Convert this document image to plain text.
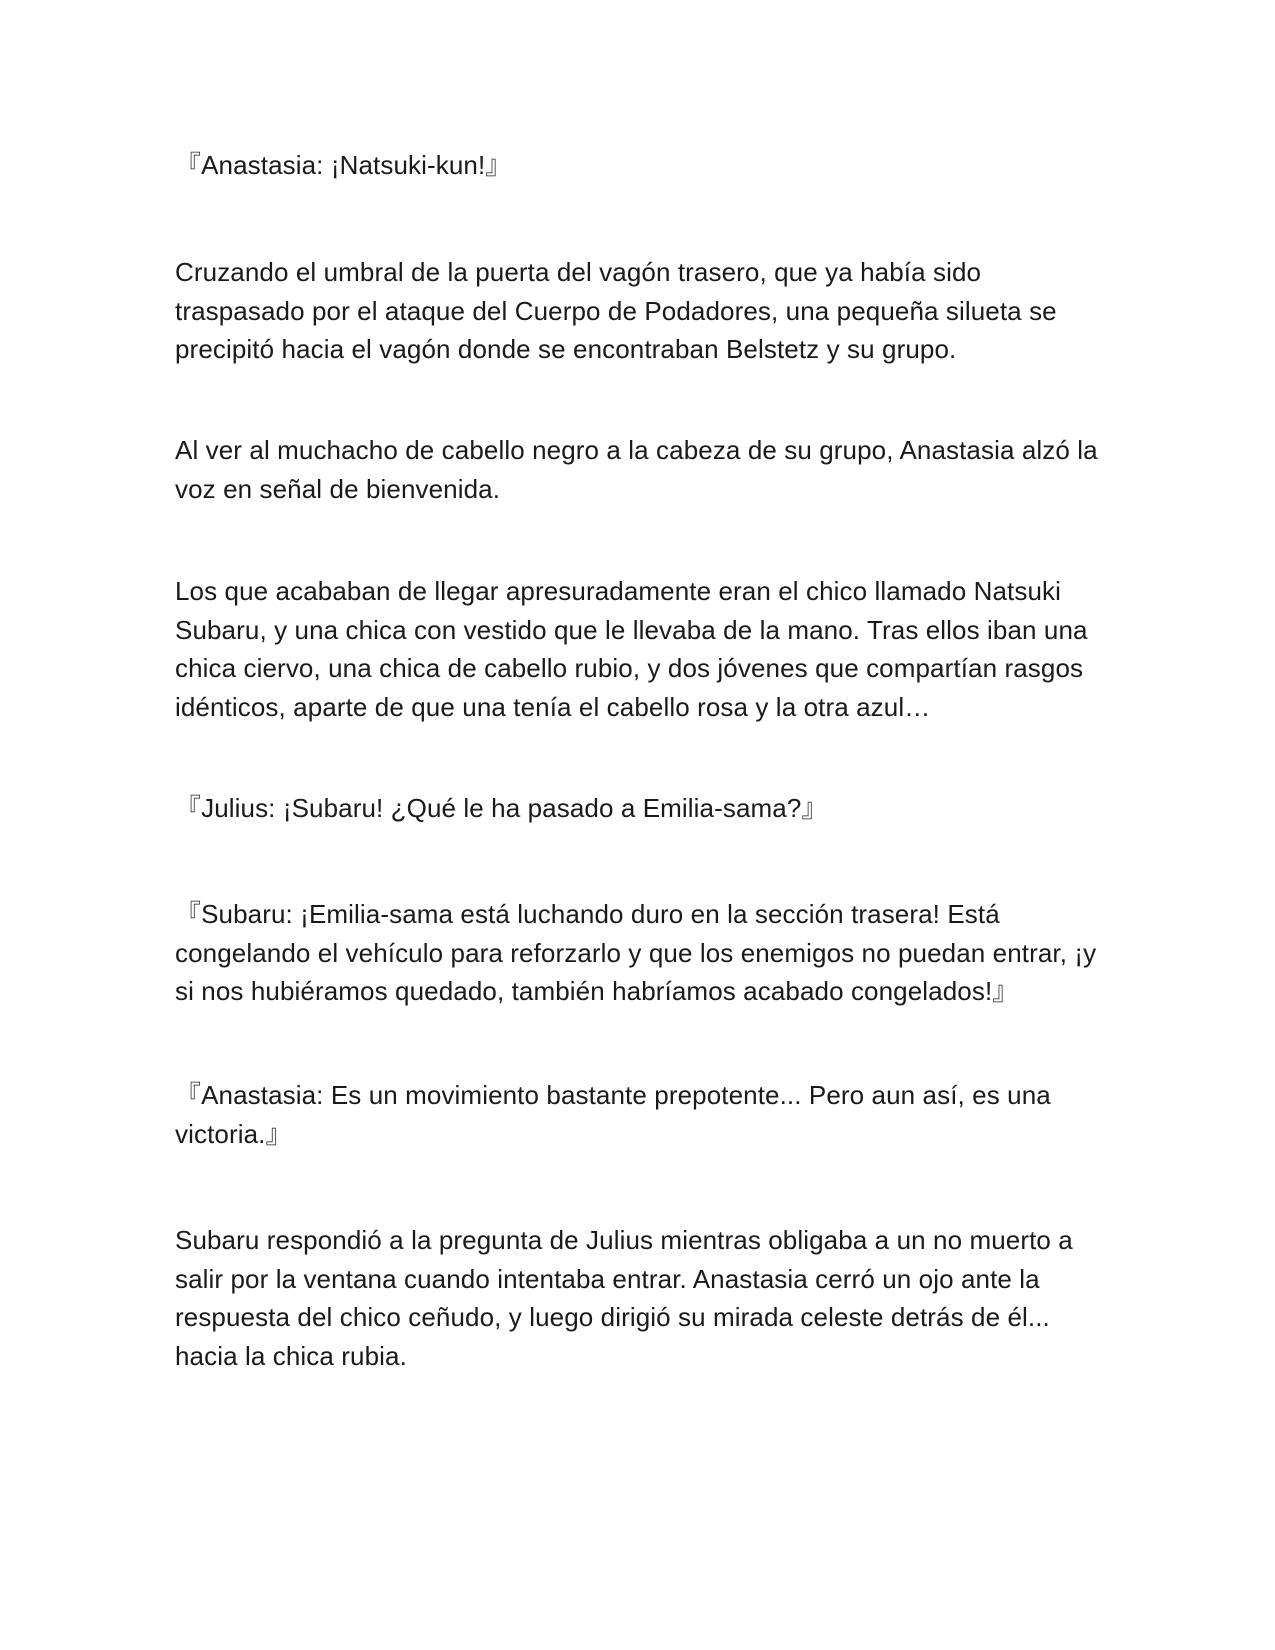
『Anastasia: ¡Natsuki-kun!』

Cruzando el umbral de la puerta del vagón trasero, que ya había sido traspasado por el ataque del Cuerpo de Podadores, una pequeña silueta se precipitó hacia el vagón donde se encontraban Belstetz y su grupo.

Al ver al muchacho de cabello negro a la cabeza de su grupo, Anastasia alzó la voz en señal de bienvenida.

Los que acababan de llegar apresuradamente eran el chico llamado Natsuki Subaru, y una chica con vestido que le llevaba de la mano. Tras ellos iban una chica ciervo, una chica de cabello rubio, y dos jóvenes que compartían rasgos idénticos, aparte de que una tenía el cabello rosa y la otra azul…

『Julius: ¡Subaru! ¿Qué le ha pasado a Emilia-sama?』

『Subaru: ¡Emilia-sama está luchando duro en la sección trasera! Está congelando el vehículo para reforzarlo y que los enemigos no puedan entrar, ¡y si nos hubiéramos quedado, también habríamos acabado congelados!』

『Anastasia: Es un movimiento bastante prepotente... Pero aun así, es una victoria.』

Subaru respondió a la pregunta de Julius mientras obligaba a un no muerto a salir por la ventana cuando intentaba entrar. Anastasia cerró un ojo ante la respuesta del chico ceñudo, y luego dirigió su mirada celeste detrás de él... hacia la chica rubia.
